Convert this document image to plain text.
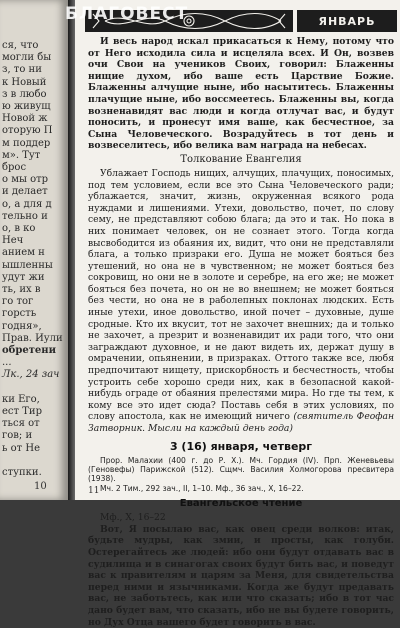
ся, что
могли бы
з, то ни
к Новый
з в любо
ю живущ
Новой ж
оторую П
м поддер
м». Тут
брос
о мы отр
и делает
о, а для д
тельно и
о, в ко
Неч
анием н
ышленны
удут жи
ть, их в
го тог
горсть
годня»,
Прав. Иули
обретени
...
Лк., 24 зач
ки Его,
ест Тир
ться от
гов; и
ь от Не
ступки.
10
ЯНВАРЬ
БЛАГОВЕСТ

И весь народ искал прикасаться к Нему, потому что от Него исходила сила и исцеляла всех. И Он, возвев очи Свои на учеников Своих, говорил: Блаженны нищие духом, ибо ваше есть Царствие Божие. Блаженны алчущие ныне, ибо насытитесь. Блаженны плачущие ныне, ибо воссмеетесь. Блаженны вы, когда возненавидят вас люди и когда отлучат вас, и будут поносить, и пронесут имя ваше, как бесчестное, за Сына Человеческого. Возрадуйтесь в тот день и возвеселитесь, ибо велика вам награда на небесах.

Толкование Евангелия

Ублажает Господь нищих, алчущих, плачущих, поносимых, под тем условием, если все это Сына Человеческого ради; ублажается, значит, жизнь, окруженная всякого рода нуждами и лишениями. Утехи, довольство, почет, по слову сему, не представляют собою блага; да это и так. Но пока в них понимает человек, он не сознает этого. Тогда когда высвободится из обаяния их, видит, что они не представляли блага, а только призраки его. Душа не может бояться без утешений, но она не в чувственном; не может бояться без сокровищ, но они не в золоте и серебре, на его же; не может бояться без почета, но он не во внешнем; не может бояться без чести, но она не в раболепных поклонах людских. Есть иные утехи, иное довольство, иной почет – духовные, душе сродные. Кто их вкусит, тот не захочет внешних; да и только не захочет, а презрит и возненавидит их ради того, что они заграждают духовное, и не дают видеть их, держат душу в омрачении, опьянении, в призраках. Оттого также все, любя предпочитают нищету, прискорбность и бесчестность, чтобы устроить себе хорошо среди них, как в безопасной какой-нибудь ограде от обаяния прелестями мира. Но где ты тем, к кому все это идет сюда? Поставь себя в этих условиях, по слову апостола, как не имеющий ничего (святитель Феофан Затворник. Мысли на каждый день года)

3 (16) января, четверг

Прор. Малахии (400 г. до Р. Х.). Мч. Гордия (IV). Прп. Женевьевы (Геновефы) Парижской (512). Сщмч. Василия Холмогорова пресвитера (1938).

Мч. 2 Тим., 292 зач., II, 1–10. Мф., 36 зач., X, 16–22.

Евангельское чтение

Мф., X, 16–22

Вот, Я посылаю вас, как овец среди волков: итак, будьте мудры, как змии, и просты, как голуби. Остерегайтесь же людей: ибо они будут отдавать вас в судилища и в синагогах своих будут бить вас, и поведут вас к правителям и царям за Меня, для свидетельства перед ними и язычниками. Когда же будут предавать вас, не заботьтесь, как или что сказать; ибо в тот час дано будет вам, что сказать, ибо не вы будете говорить, но Дух Отца вашего будет говорить в вас.

11
